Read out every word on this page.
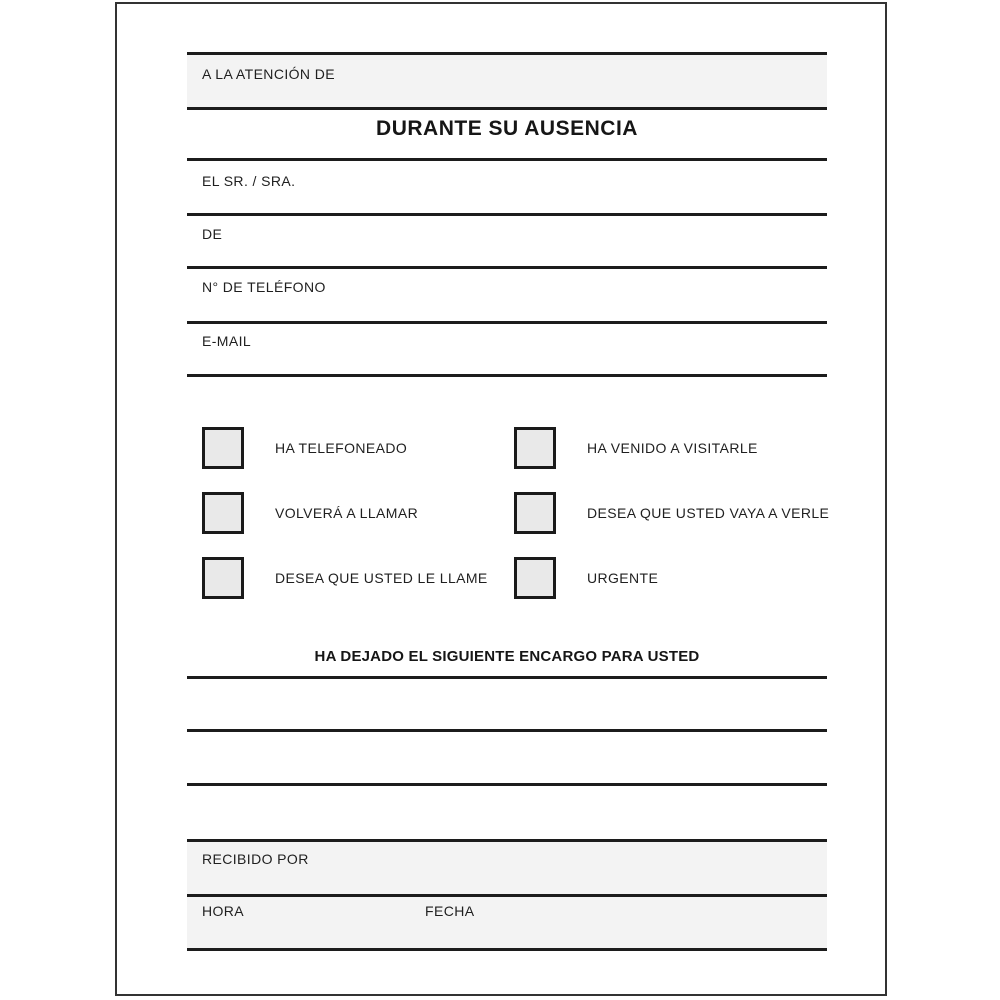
A LA ATENCIÓN DE
DURANTE SU AUSENCIA
EL SR. / SRA.
DE
N° DE TELÉFONO
E-MAIL
HA DEJADO EL SIGUIENTE ENCARGO PARA USTED
RECIBIDO POR
HORA	FECHA
HA TELEFONEADO	HA VENIDO A VISITARLE
VOLVERÁ A LLAMAR	DESEA QUE USTED VAYA A VERLE
DESEA QUE USTED LE LLAME	URGENTE
